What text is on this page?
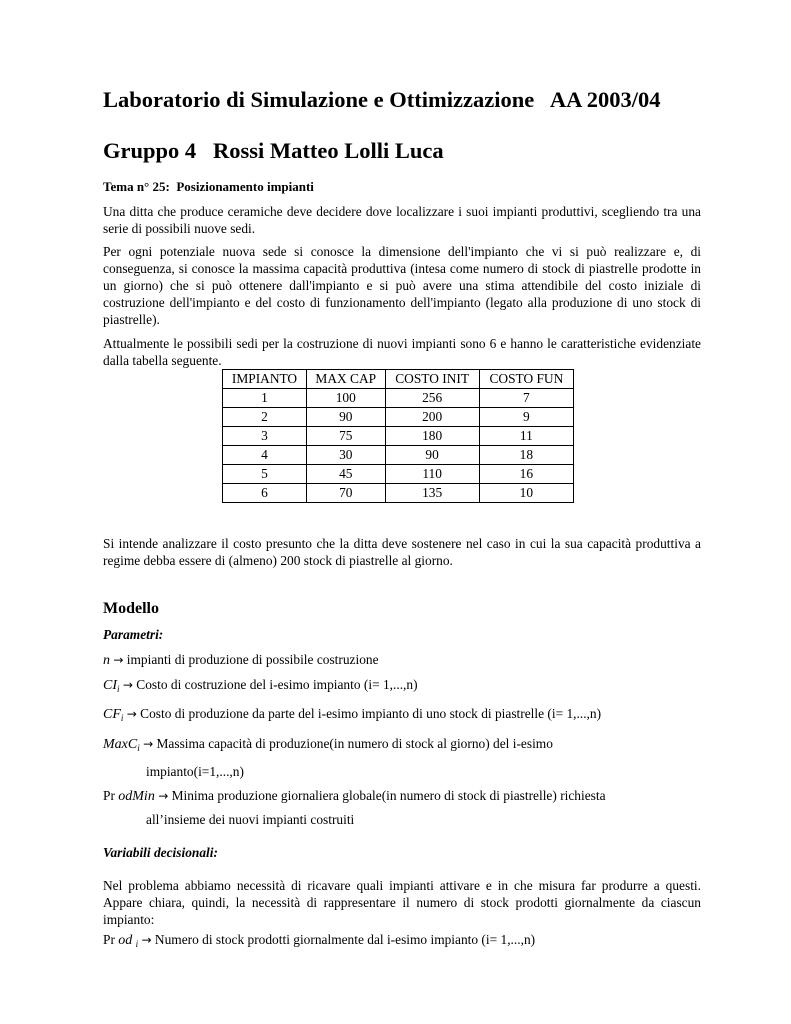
Laboratorio di Simulazione e Ottimizzazione   AA 2003/04
Gruppo 4   Rossi Matteo Lolli Luca
Tema n° 25:  Posizionamento impianti
Una ditta che produce ceramiche deve decidere dove localizzare i suoi impianti produttivi, scegliendo tra una serie di possibili nuove sedi.
Per ogni potenziale nuova sede si conosce la dimensione dell'impianto che vi si può realizzare e, di conseguenza, si conosce la massima capacità produttiva (intesa come numero di stock di piastrelle prodotte in un giorno) che si può ottenere dall'impianto e si può avere una stima attendibile del costo iniziale di costruzione dell'impianto e del costo di funzionamento dell'impianto (legato alla produzione di uno stock di piastrelle).
Attualmente le possibili sedi per la costruzione di nuovi impianti sono 6 e hanno le caratteristiche evidenziate dalla tabella seguente.
IMPIANTO	MAX CAP	COSTO INIT	COSTO FUN
1	100	256	7
2	90	200	9
3	75	180	11
4	30	90	18
5	45	110	16
6	70	135	10
Si intende analizzare il costo presunto che la ditta deve sostenere nel caso in cui la sua capacità produttiva a regime debba essere di (almeno) 200 stock di piastrelle al giorno.
Modello
Parametri:
n → impianti di produzione di possibile costruzione
$CI_i$ → Costo di costruzione del i-esimo impianto (i= 1,...,n)
$CF_i$ → Costo di produzione da parte del i-esimo impianto di uno stock di piastrelle (i= 1,...,n)
MaxC$_i$ → Massima capacità di produzione(in numero di stock al giorno) del i-esimo
impianto(i=1,...,n)
Pr odMin → Minima produzione giornaliera globale(in numero di stock di piastrelle) richiesta
all’insieme dei nuovi impianti costruiti
Variabili decisionali:
Nel problema abbiamo necessità di ricavare quali impianti attivare e in che misura far produrre a questi. Appare chiara, quindi, la necessità di rappresentare il numero di stock prodotti giornalmente da ciascun impianto:
Pr od $_i$ → Numero di stock prodotti giornalmente dal i-esimo impianto (i= 1,...,n)
